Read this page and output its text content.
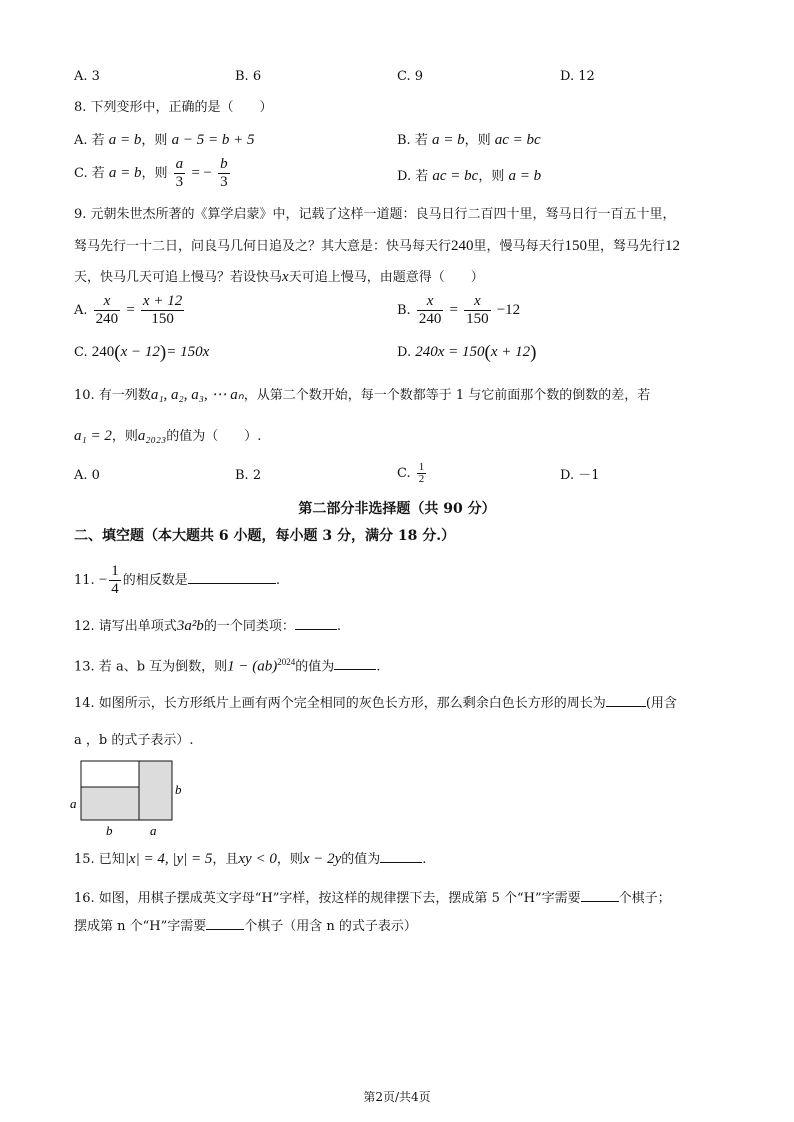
A. 3	B. 6	C. 9	D. 12
8. 下列变形中，正确的是（　　）
A. 若 a = b，则 a − 5 = b + 5	B. 若 a = b，则 ac = bc
C. 若 a = b，则 $\frac{a}{3}$ = − $\frac{b}{3}$	D. 若 ac = bc，则 a = b
9. 元朝朱世杰所著的《算学启蒙》中，记载了这样一道题：良马日行二百四十里，驽马日行一百五十里，
驽马先行一十二日，问良马几何日追及之？其大意是：快马每天行240里，慢马每天行150里，驽马先行12
天，快马几天可追上慢马？若设快马x天可追上慢马，由题意得（　　）
A. $\frac{x}{240} = \frac{x + 12}{150}$	B. $\frac{x}{240} = \frac{x}{150} -12$
C. 240(x − 12)= 150x	D. 240x = 150(x + 12)
10. 有一列数a₁, a₂, a₃, ⋯ aₙ，从第二个数开始，每一个数都等于 1 与它前面那个数的倒数的差，若
a₁ = 2，则a₂₀₂₃的值为（　　）.
A. 0	B. 2	C. $\frac{1}{2}$	D. －1
第二部分非选择题（共 90 分）
二、填空题（本大题共 6 小题，每小题 3 分，满分 18 分.）
11. − $\frac{1}{4}$ 的相反数是	.
12. 请写出单项式3a²b的一个同类项：	.
13. 若 a、b 互为倒数，则1 − (ab)$^{2024}$的值为	.
14. 如图所示，长方形纸片上画有两个完全相同的灰色长方形，那么剩余白色长方形的周长为	(用含
a ，b 的式子表示）.
a
b
b	a
15. 已知|x| = 4, |y| = 5，且xy < 0，则x − 2y的值为	.
16. 如图，用棋子摆成英文字母“H”字样，按这样的规律摆下去，摆成第 5 个“H”字需要	个棋子；
摆成第 n 个“H”字需要	个棋子（用含 n 的式子表示）
第2页/共4页
